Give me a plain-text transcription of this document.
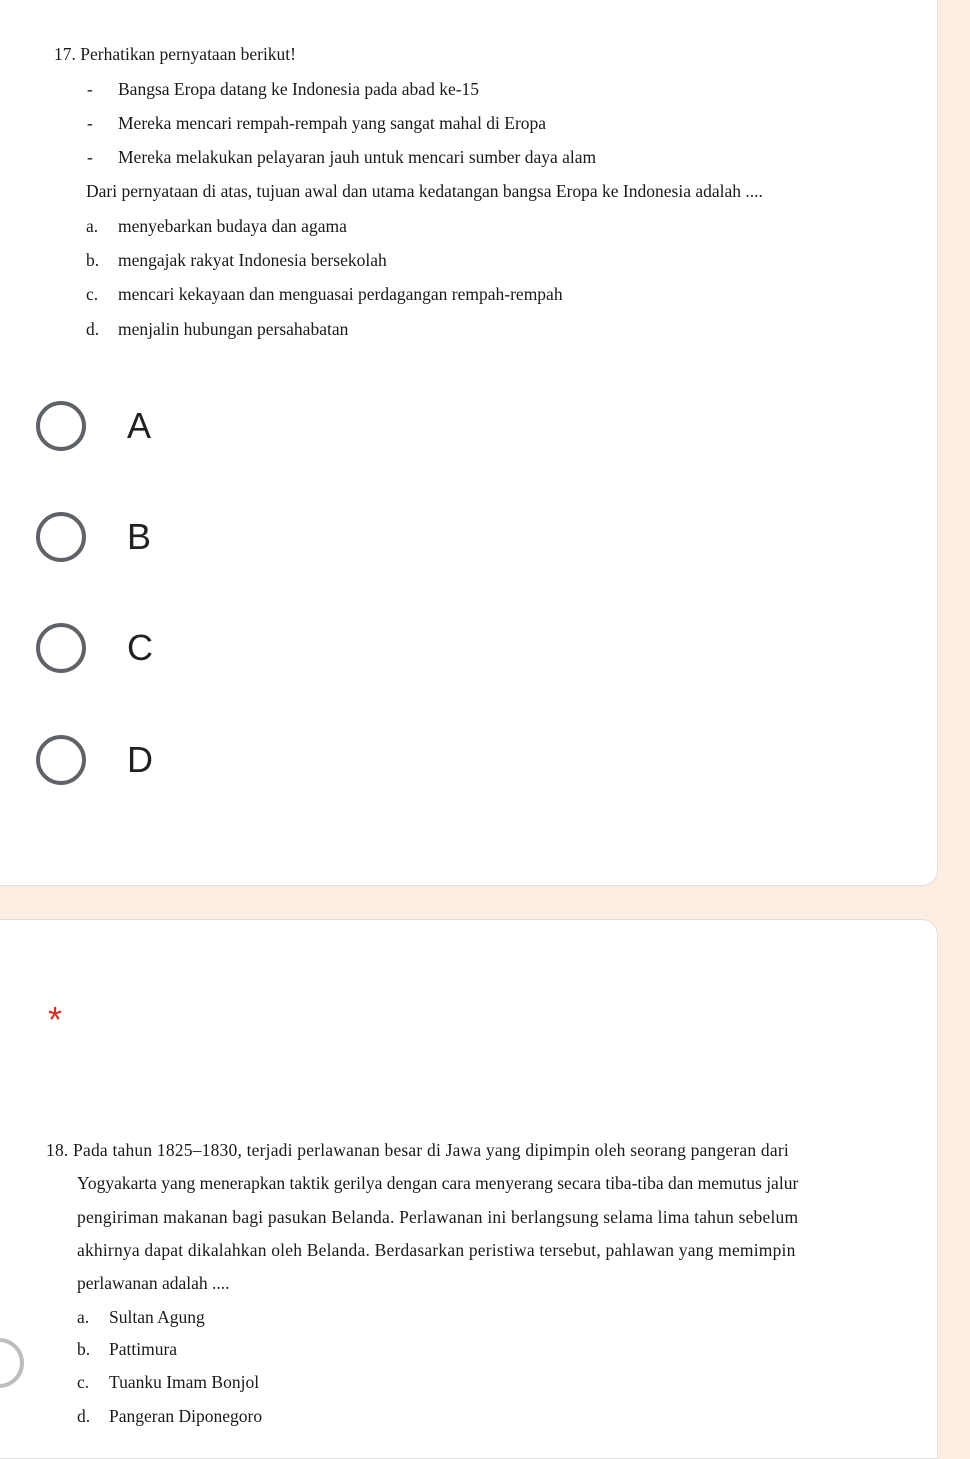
17. Perhatikan pernyataan berikut!
- Bangsa Eropa datang ke Indonesia pada abad ke-15
- Mereka mencari rempah-rempah yang sangat mahal di Eropa
- Mereka melakukan pelayaran jauh untuk mencari sumber daya alam
Dari pernyataan di atas, tujuan awal dan utama kedatangan bangsa Eropa ke Indonesia adalah ....
a. menyebarkan budaya dan agama
b. mengajak rakyat Indonesia bersekolah
c. mencari kekayaan dan menguasai perdagangan rempah-rempah
d. menjalin hubungan persahabatan
A
B
C
D
*
18. Pada tahun 1825–1830, terjadi perlawanan besar di Jawa yang dipimpin oleh seorang pangeran dari
Yogyakarta yang menerapkan taktik gerilya dengan cara menyerang secara tiba-tiba dan memutus jalur
pengiriman makanan bagi pasukan Belanda. Perlawanan ini berlangsung selama lima tahun sebelum
akhirnya dapat dikalahkan oleh Belanda. Berdasarkan peristiwa tersebut, pahlawan yang memimpin
perlawanan adalah ....
a. Sultan Agung
b. Pattimura
c. Tuanku Imam Bonjol
d. Pangeran Diponegoro
